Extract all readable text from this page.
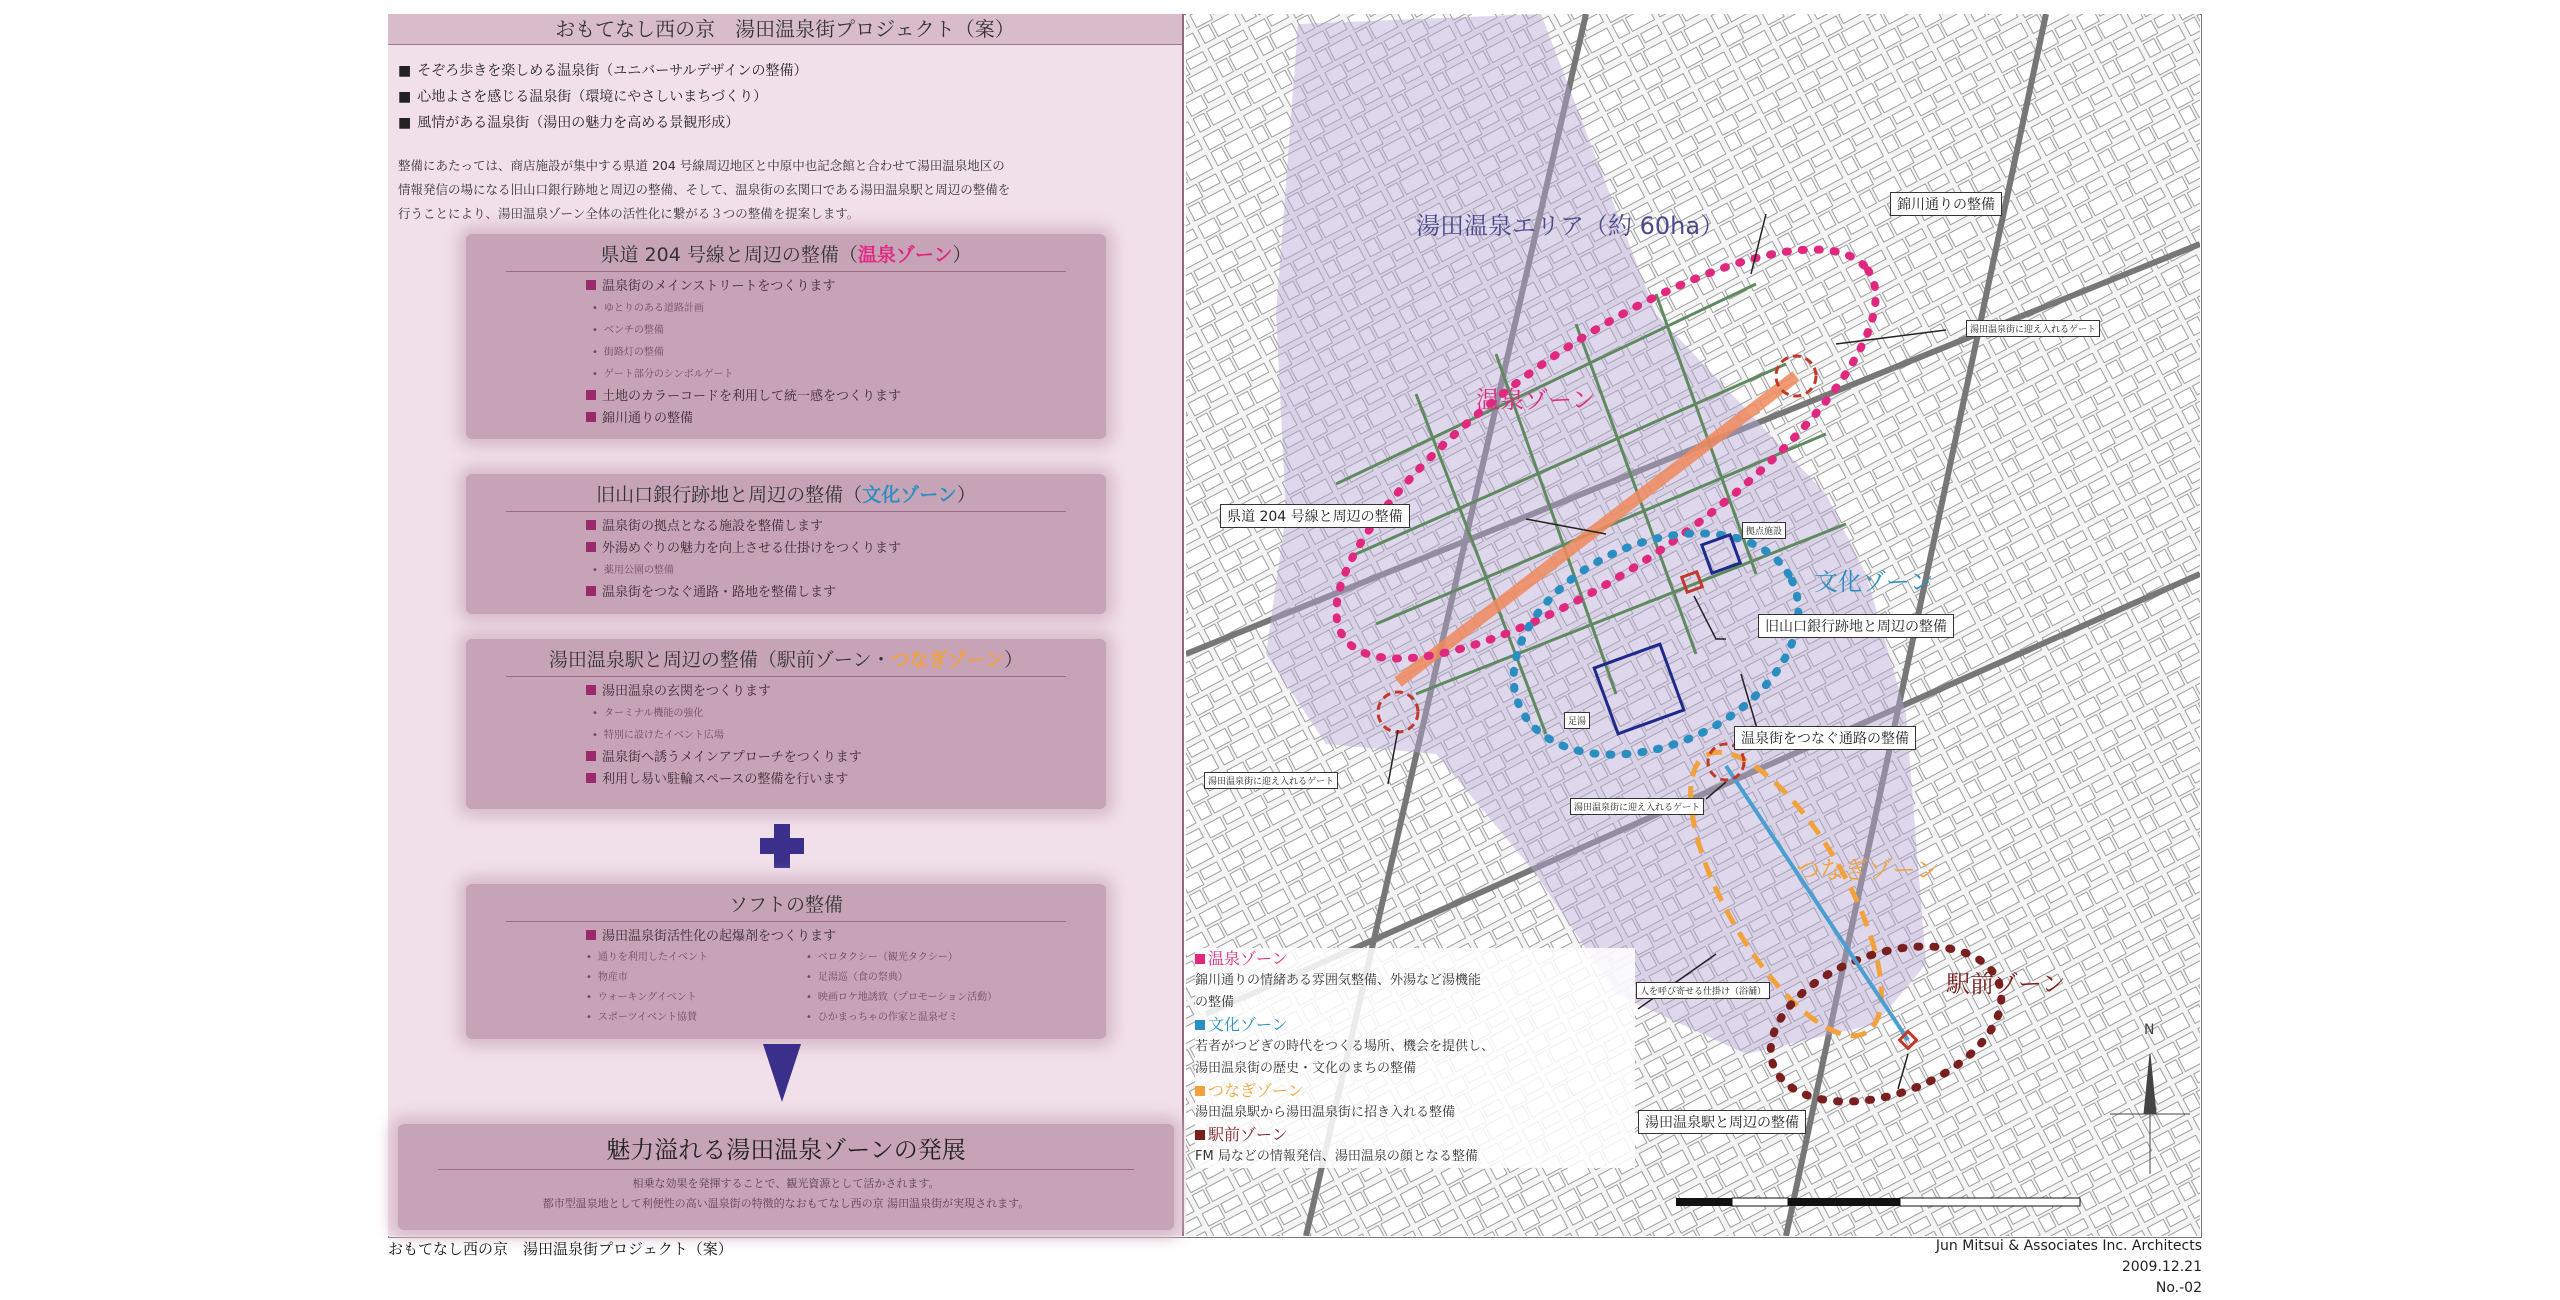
おもてなし西の京　湯田温泉街プロジェクト（案）
■ そぞろ歩きを楽しめる温泉街（ユニバーサルデザインの整備）
■ 心地よさを感じる温泉街（環境にやさしいまちづくり）
■ 風情がある温泉街（湯田の魅力を高める景観形成）
整備にあたっては、商店施設が集中する県道 204 号線周辺地区と中原中也記念館と合わせて湯田温泉地区の
情報発信の場になる旧山口銀行跡地と周辺の整備、そして、温泉街の玄関口である湯田温泉駅と周辺の整備を
行うことにより、湯田温泉ゾーン全体の活性化に繋がる３つの整備を提案します。
県道 204 号線と周辺の整備（温泉ゾーン）
温泉街のメインストリートをつくります
• ゆとりのある道路計画
• ベンチの整備
• 街路灯の整備
• ゲート部分のシンボルゲート
土地のカラーコードを利用して統一感をつくります
錦川通りの整備
旧山口銀行跡地と周辺の整備（文化ゾーン）
温泉街の拠点となる施設を整備します
外湯めぐりの魅力を向上させる仕掛けをつくります
• 薬用公園の整備
温泉街をつなぐ通路・路地を整備します
湯田温泉駅と周辺の整備（駅前ゾーン・つなぎゾーン）
湯田温泉の玄関をつくります
• ターミナル機能の強化
• 特別に設けたイベント広場
温泉街へ誘うメインアプローチをつくります
利用し易い駐輪スペースの整備を行います
ソフトの整備
湯田温泉街活性化の起爆剤をつくります
• 通りを利用したイベント
• 物産市
• ウォーキングイベント
• スポーツイベント協賛
• ベロタクシー（観光タクシー）
• 足湯巡（食の祭典）
• 映画ロケ地誘致（プロモーション活動）
• ひかまっちゃの作家と温泉ゼミ
魅力溢れる湯田温泉ゾーンの発展
相乗な効果を発揮することで、観光資源として活かされます。
都市型温泉地として利便性の高い温泉街の特徴的なおもてなし西の京 湯田温泉街が実現されます。
湯田温泉エリア（約 60ha）
温泉ゾーン
文化ゾーン
つなぎゾーン
駅前ゾーン
錦川通りの整備
県道 204 号線と周辺の整備
旧山口銀行跡地と周辺の整備
温泉街をつなぐ通路の整備
湯田温泉駅と周辺の整備
湯田温泉街に迎え入れるゲート
湯田温泉街に迎え入れるゲート
湯田温泉街に迎え入れるゲート
足湯
拠点施設
人を呼び寄せる仕掛け（浴舗）
N
温泉ゾーン
錦川通りの情緒ある雰囲気整備、外湯など湯機能
の整備
文化ゾーン
若者がつどぎの時代をつくる場所、機会を提供し、
湯田温泉街の歴史・文化のまちの整備
つなぎゾーン
湯田温泉駅から湯田温泉街に招き入れる整備
駅前ゾーン
FM 局などの情報発信、湯田温泉の顔となる整備
おもてなし西の京　湯田温泉街プロジェクト（案）	Jun Mitsui & Associates Inc. Architects
2009.12.21
No.-02
